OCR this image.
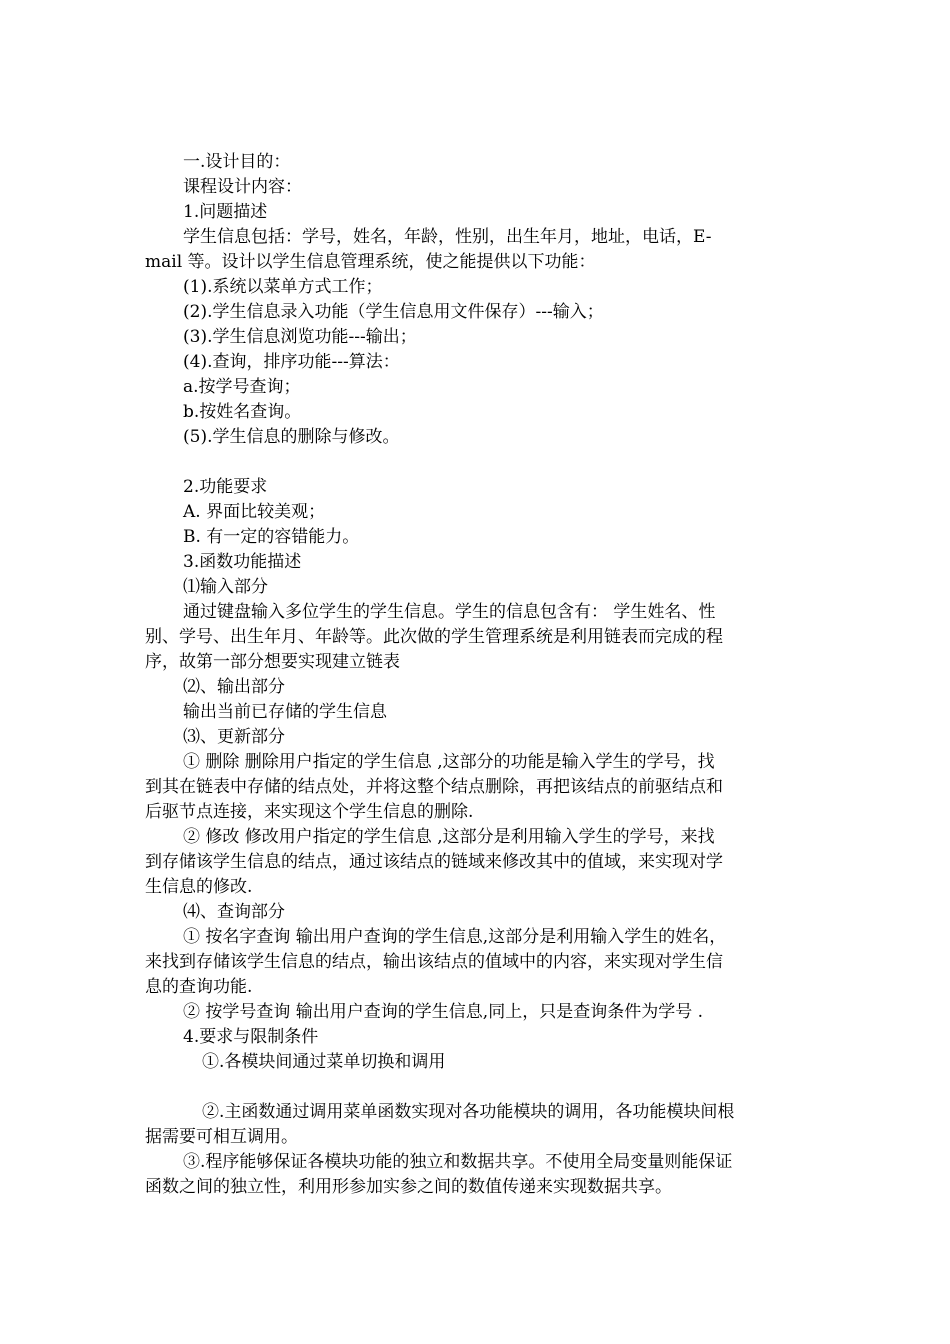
一.设计目的：
课程设计内容：
1.问题描述
学生信息包括：学号，姓名，年龄，性别，出生年月，地址，电话，E-
mail 等。设计以学生信息管理系统，使之能提供以下功能：
(1).系统以菜单方式工作；
(2).学生信息录入功能（学生信息用文件保存）---输入；
(3).学生信息浏览功能---输出；
(4).查询，排序功能---算法：
a.按学号查询；
b.按姓名查询。
(5).学生信息的删除与修改。
2.功能要求
A. 界面比较美观；
B. 有一定的容错能力。
3.函数功能描述
⑴输入部分
通过键盘输入多位学生的学生信息。学生的信息包含有： 学生姓名、性
别、学号、出生年月、年龄等。此次做的学生管理系统是利用链表而完成的程
序，故第一部分想要实现建立链表
⑵、输出部分
输出当前已存储的学生信息
⑶、更新部分
① 删除 删除用户指定的学生信息 ,这部分的功能是输入学生的学号，找
到其在链表中存储的结点处，并将这整个结点删除，再把该结点的前驱结点和
后驱节点连接，来实现这个学生信息的删除.
② 修改 修改用户指定的学生信息 ,这部分是利用输入学生的学号，来找
到存储该学生信息的结点，通过该结点的链域来修改其中的值域，来实现对学
生信息的修改.
⑷、查询部分
① 按名字查询 输出用户查询的学生信息,这部分是利用输入学生的姓名，
来找到存储该学生信息的结点，输出该结点的值域中的内容，来实现对学生信
息的查询功能.
② 按学号查询 输出用户查询的学生信息,同上，只是查询条件为学号 .
4.要求与限制条件
①.各模块间通过菜单切换和调用
②.主函数通过调用菜单函数实现对各功能模块的调用，各功能模块间根
据需要可相互调用。
③.程序能够保证各模块功能的独立和数据共享。不使用全局变量则能保证
函数之间的独立性，利用形参加实参之间的数值传递来实现数据共享。
